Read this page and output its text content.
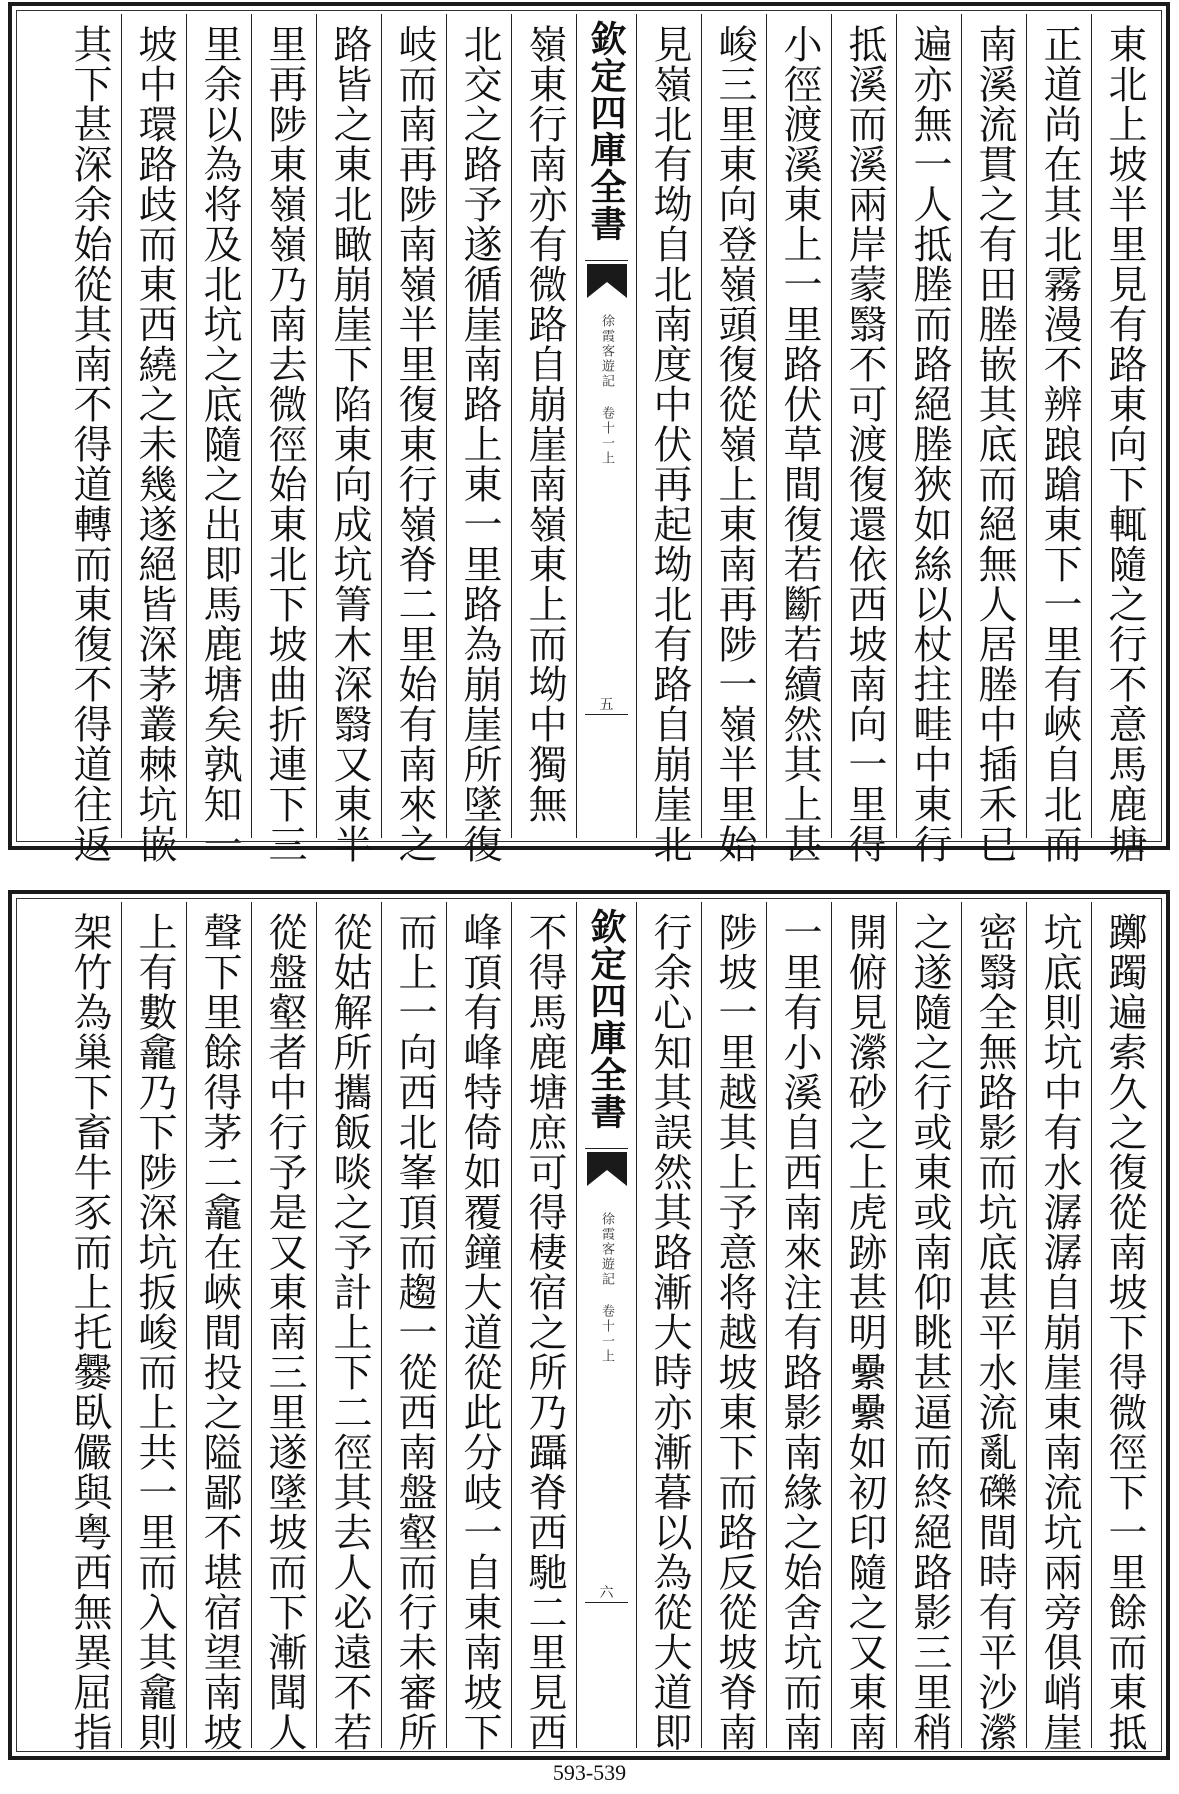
東北上坡半里見有路東向下輒隨之行不意馬鹿塘
正道尚在其北霧漫不辨踉蹌東下一里有峽自北而
南溪流貫之有田塍嵌其底而絕無人居塍中插禾已
遍亦無一人抵塍而路絕塍狹如絲以杖拄畦中東行
抵溪而溪兩岸蒙翳不可渡復還依西坡南向一里得
小徑渡溪東上一里路伏草間復若斷若續然其上甚
峻三里東向登嶺頭復從嶺上東南再陟一嶺半里始
見嶺北有坳自北南度中伏再起坳北有路自崩崖北
欽定四庫全書
徐霞客遊記 卷十一上
五
嶺東行南亦有微路自崩崖南嶺東上而坳中獨無
北交之路予遂循崖南路上東一里路為崩崖所墜復
岐而南再陟南嶺半里復東行嶺脊二里始有南來之
路皆之東北瞰崩崖下陷東向成坑箐木深翳又東半
里再陟東嶺嶺乃南去微徑始東北下坡曲折連下三
里余以為将及北坑之底隨之出即馬鹿塘矣孰知一
坡中環路歧而東西繞之未幾遂絕皆深茅叢棘坑嵌
其下甚深余始從其南不得道轉而東復不得道往返
躑躅遍索久之復從南坡下得微徑下一里餘而東抵
坑底則坑中有水潺潺自崩崖東南流坑兩旁俱峭崖
密翳全無路影而坑底甚平水流亂礫間時有平沙瀠
之遂隨之行或東或南仰眺甚逼而終絕路影三里稍
開俯見瀠砂之上虎跡甚明纍纍如初印隨之又東南
一里有小溪自西南來注有路影南緣之始舍坑而南
陟坡一里越其上予意将越坡東下而路反從坡脊南
行余心知其誤然其路漸大時亦漸暮以為從大道即
欽定四庫全書
徐霞客遊記 卷十一上
六
不得馬鹿塘庶可得棲宿之所乃躡脊西馳二里見西
峰頂有峰特倚如覆鐘大道從此分岐一自東南坡下
而上一向西北峯頂而趨一從西南盤壑而行未審所
從姑解所攜飯啖之予計上下二徑其去人必遠不若
從盤壑者中行予是又東南三里遂墜坡而下漸聞人
聲下里餘得茅二龕在峽間投之隘鄙不堪宿望南坡
上有數龕乃下陟深坑扳峻而上共一里而入其龕則
架竹為巢下畜牛豕而上托爨臥儼與粤西無異屈指
593-539
